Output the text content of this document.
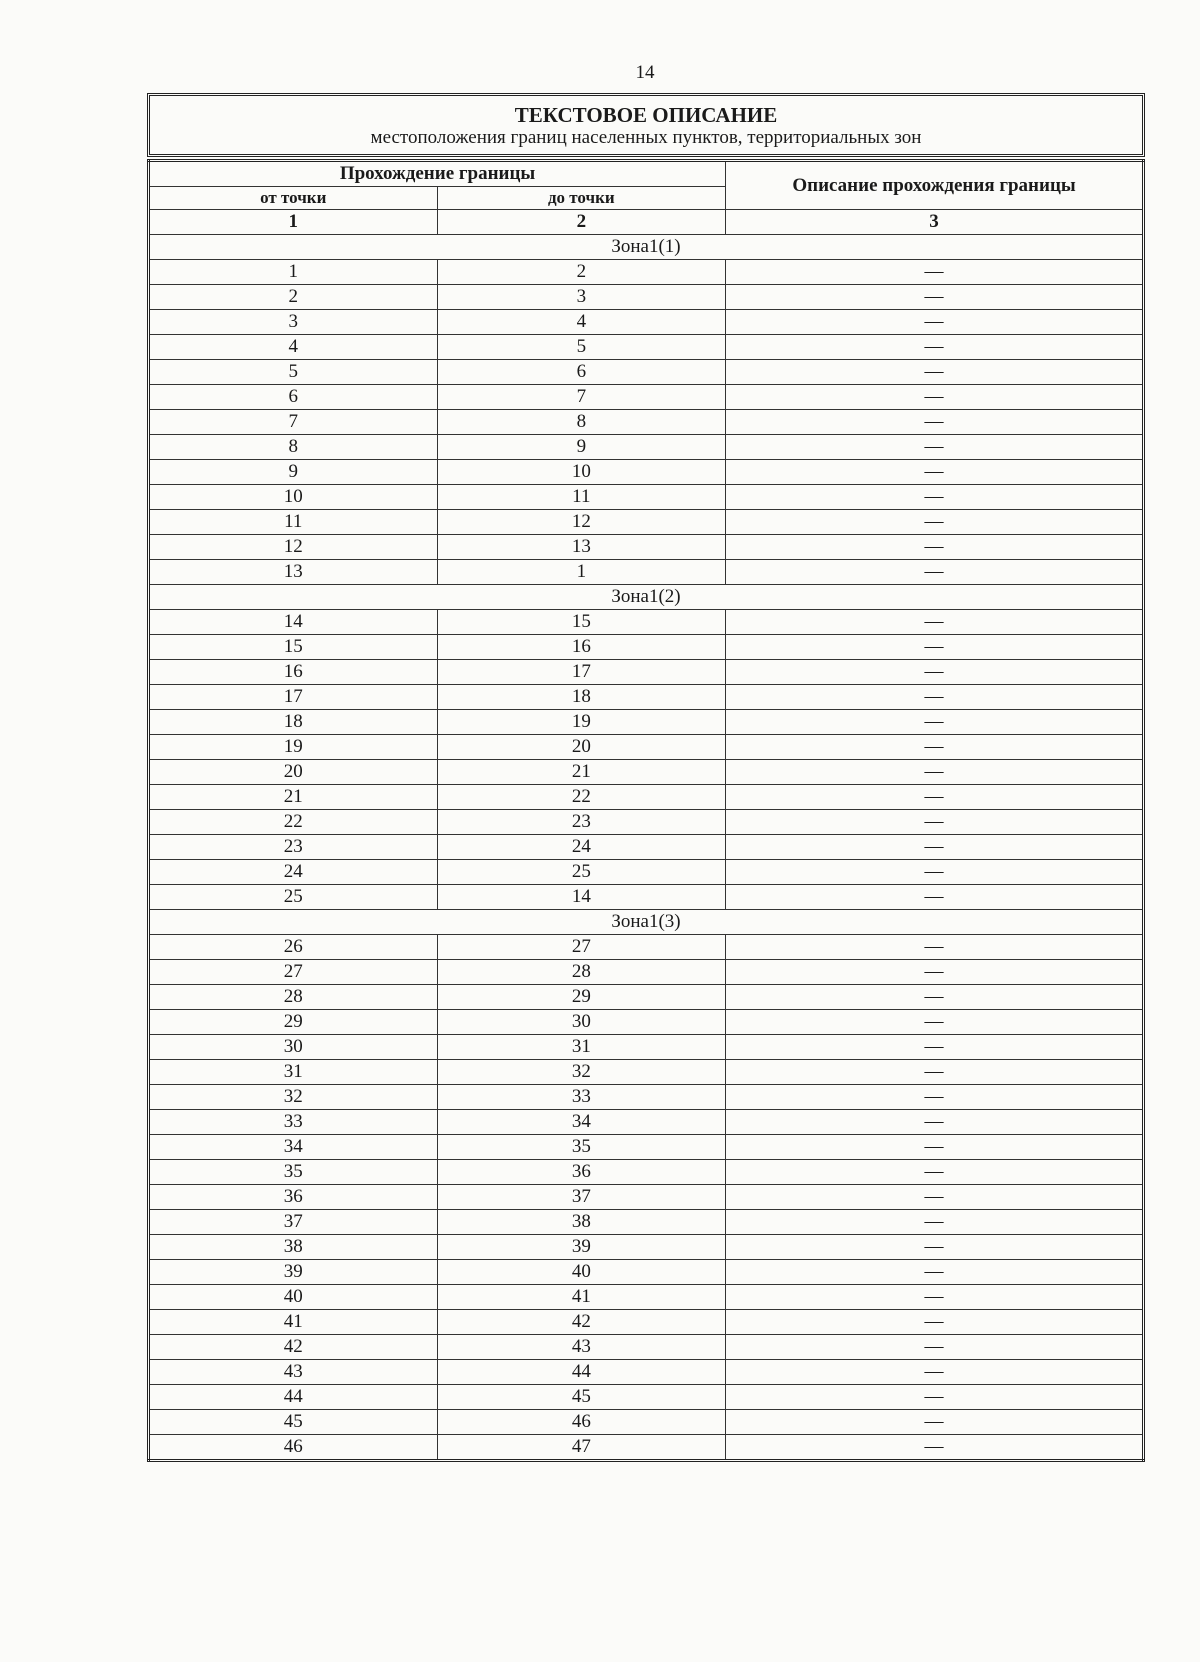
14
ТЕКСТОВОЕ ОПИСАНИЕ
местоположения границ населенных пунктов, территориальных зон
Прохождение границы		Описание прохождения границы
от точки	до точки	
1	2	3
Зона1(1)		
1	2	—
2	3	—
3	4	—
4	5	—
5	6	—
6	7	—
7	8	—
8	9	—
9	10	—
10	11	—
11	12	—
12	13	—
13	1	—
Зона1(2)		
14	15	—
15	16	—
16	17	—
17	18	—
18	19	—
19	20	—
20	21	—
21	22	—
22	23	—
23	24	—
24	25	—
25	14	—
Зона1(3)		
26	27	—
27	28	—
28	29	—
29	30	—
30	31	—
31	32	—
32	33	—
33	34	—
34	35	—
35	36	—
36	37	—
37	38	—
38	39	—
39	40	—
40	41	—
41	42	—
42	43	—
43	44	—
44	45	—
45	46	—
46	47	—
